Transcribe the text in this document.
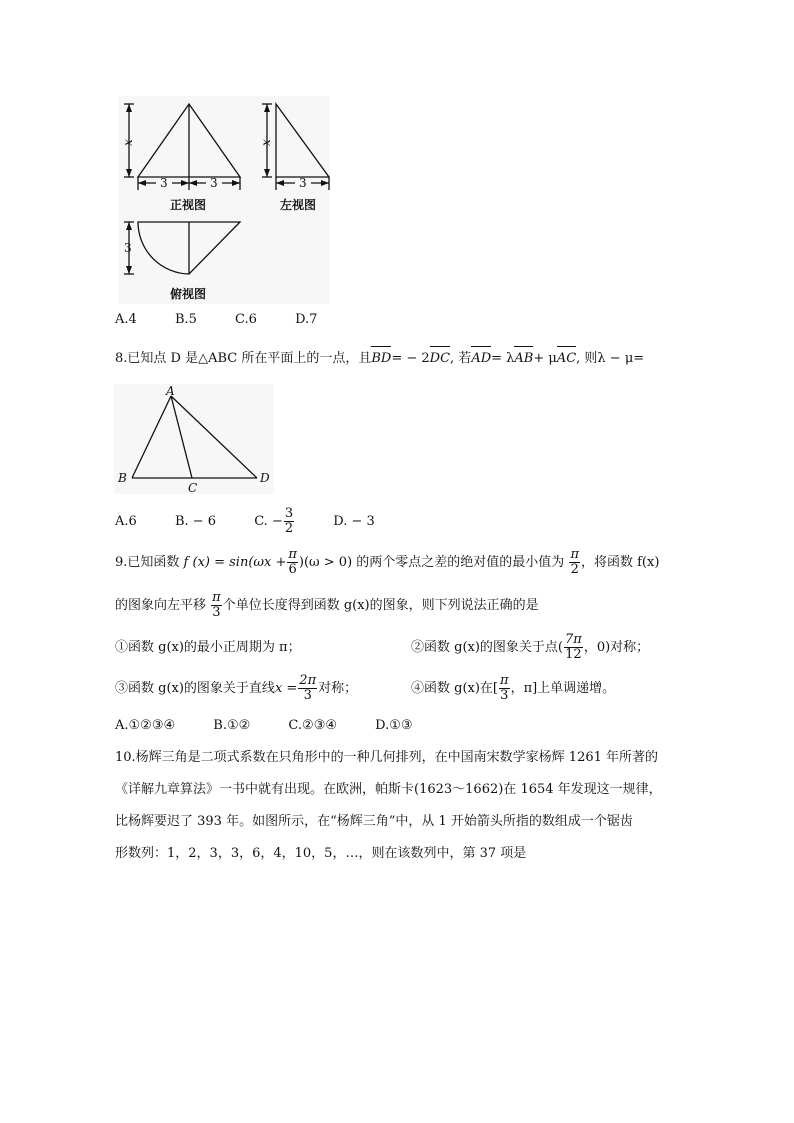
x	x
3	3	3
3
正视图	左视图
俯视图
A.4	B.5	C.6	D.7
8.已知点 D 是△ABC 所在平面上的一点，且BD= − 2DC, 若AD= λAB+ μAC, 则λ − μ=
A
B
C
D
A.6	B. − 6	C. − $\frac{3}{2}$	D. − 3
9.已知函数 f $(x) = \sin(\omega x + \frac{\pi}{6} )(\omega > 0)$ 的两个零点之差的绝对值的最小值为 $\frac{\pi}{2}$ ，将函数 f(x)
的图象向左平移 $\frac{\pi}{3}$ 个单位长度得到函数 g(x)的图象，则下列说法正确的是
①函数 g(x)的最小正周期为 π；	②函数 g(x)的图象关于点( $\frac{7\pi}{12}$ ，0)对称；
③函数 g(x)的图象关于直线$x = \frac{2\pi}{3}$ 对称；	④函数 g(x)在[ $\frac{\pi}{3}$ ，π]上单调递增。
A.①②③④	B.①②	C.②③④	D.①③
10.杨辉三角是二项式系数在只角形中的一种几何排列，在中国南宋数学家杨辉 1261 年所著的
《详解九章算法》一书中就有出现。在欧洲，帕斯卡(1623～1662)在 1654 年发现这一规律，
比杨辉要迟了 393 年。如图所示，在“杨辉三角”中，从 1 开始箭头所指的数组成一个锯齿
形数列：1，2，3，3，6，4，10，5，…，则在该数列中，第 37 项是
